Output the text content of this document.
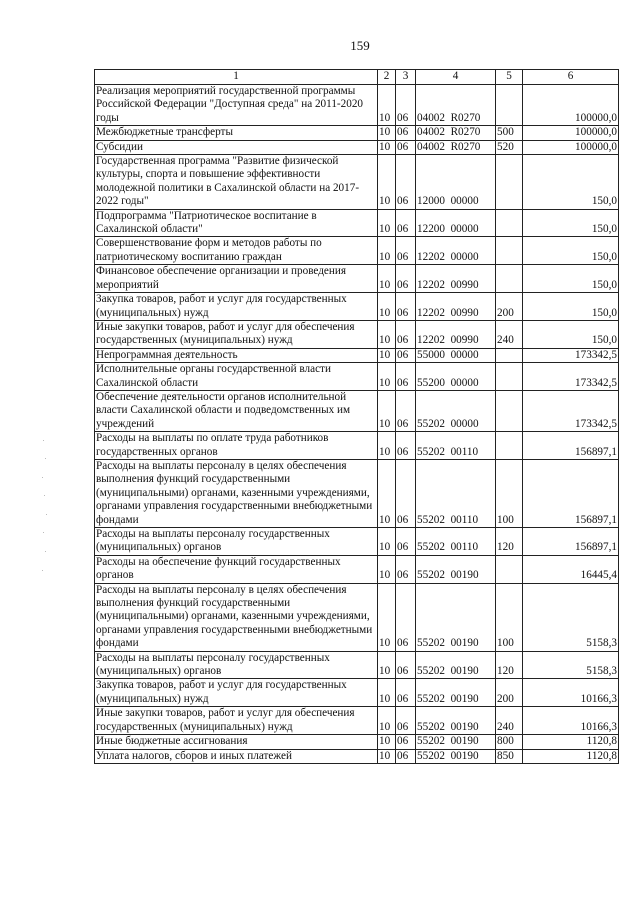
159
1	2	3	4	5	6
Реализация мероприятий государственной программы Российской Федерации "Доступная среда" на 2011-2020 годы	10	06	04002  R0270		100000,0
Межбюджетные трансферты	10	06	04002  R0270	500	100000,0
Субсидии	10	06	04002  R0270	520	100000,0
Государственная программа "Развитие физической культуры, спорта и повышение эффективности молодежной политики в Сахалинской области на 2017-2022 годы"	10	06	12000  00000		150,0
Подпрограмма "Патриотическое воспитание в Сахалинской области"	10	06	12200  00000		150,0
Совершенствование форм и методов работы по патриотическому воспитанию граждан	10	06	12202  00000		150,0
Финансовое обеспечение организации и проведения мероприятий	10	06	12202  00990		150,0
Закупка товаров, работ и услуг для государственных (муниципальных) нужд	10	06	12202  00990	200	150,0
Иные закупки товаров, работ и услуг для обеспечения государственных (муниципальных) нужд	10	06	12202  00990	240	150,0
Непрограммная деятельность	10	06	55000  00000		173342,5
Исполнительные органы государственной власти Сахалинской области	10	06	55200  00000		173342,5
Обеспечение деятельности органов исполнительной власти Сахалинской области и подведомственных им учреждений	10	06	55202  00000		173342,5
Расходы на выплаты по оплате труда работников государственных органов	10	06	55202  00110		156897,1
Расходы на выплаты персоналу в целях обеспечения выполнения функций государственными (муниципальными) органами, казенными учреждениями, органами управления государственными внебюджетными фондами	10	06	55202  00110	100	156897,1
Расходы на выплаты персоналу государственных (муниципальных) органов	10	06	55202  00110	120	156897,1
Расходы на обеспечение функций государственных органов	10	06	55202  00190		16445,4
Расходы на выплаты персоналу в целях обеспечения выполнения функций государственными (муниципальными) органами, казенными учреждениями, органами управления государственными внебюджетными фондами	10	06	55202  00190	100	5158,3
Расходы на выплаты персоналу государственных (муниципальных) органов	10	06	55202  00190	120	5158,3
Закупка товаров, работ и услуг для государственных (муниципальных) нужд	10	06	55202  00190	200	10166,3
Иные закупки товаров, работ и услуг для обеспечения государственных (муниципальных) нужд	10	06	55202  00190	240	10166,3
Иные бюджетные ассигнования	10	06	55202  00190	800	1120,8
Уплата налогов, сборов и иных платежей	10	06	55202  00190	850	1120,8
